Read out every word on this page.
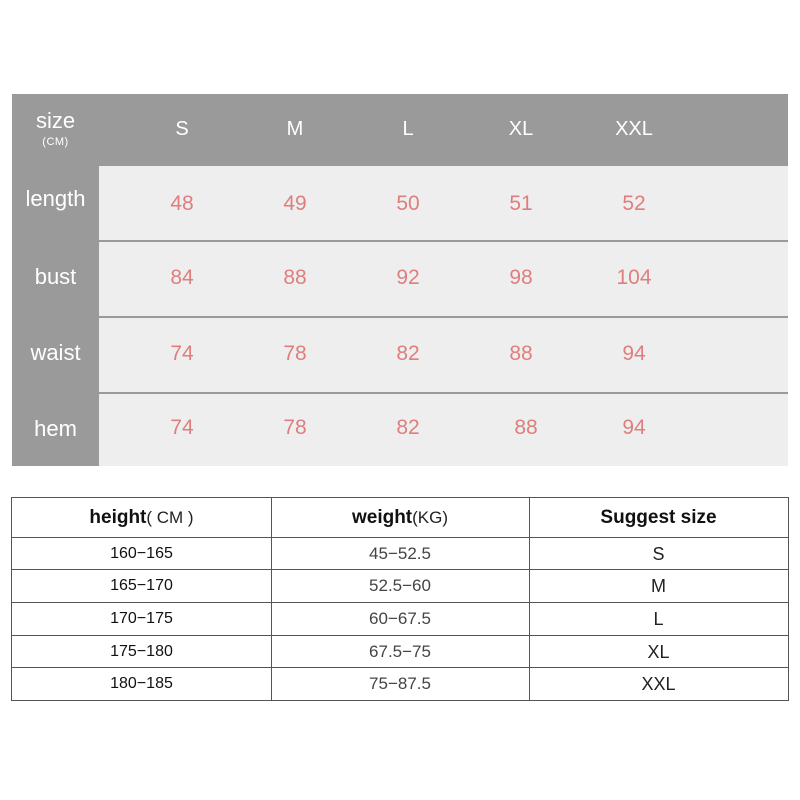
size
(CM)
S	M	L	XL	XXL
length	48	49	50	51	52
bust	84	88	92	98	104
waist	74	78	82	88	94
hem	74	78	82	88	94
height( CM )	weight(KG)	Suggest size
160−165	45−52.5	S
165−170	52.5−60	M
170−175	60−67.5	L
175−180	67.5−75	XL
180−185	75−87.5	XXL
